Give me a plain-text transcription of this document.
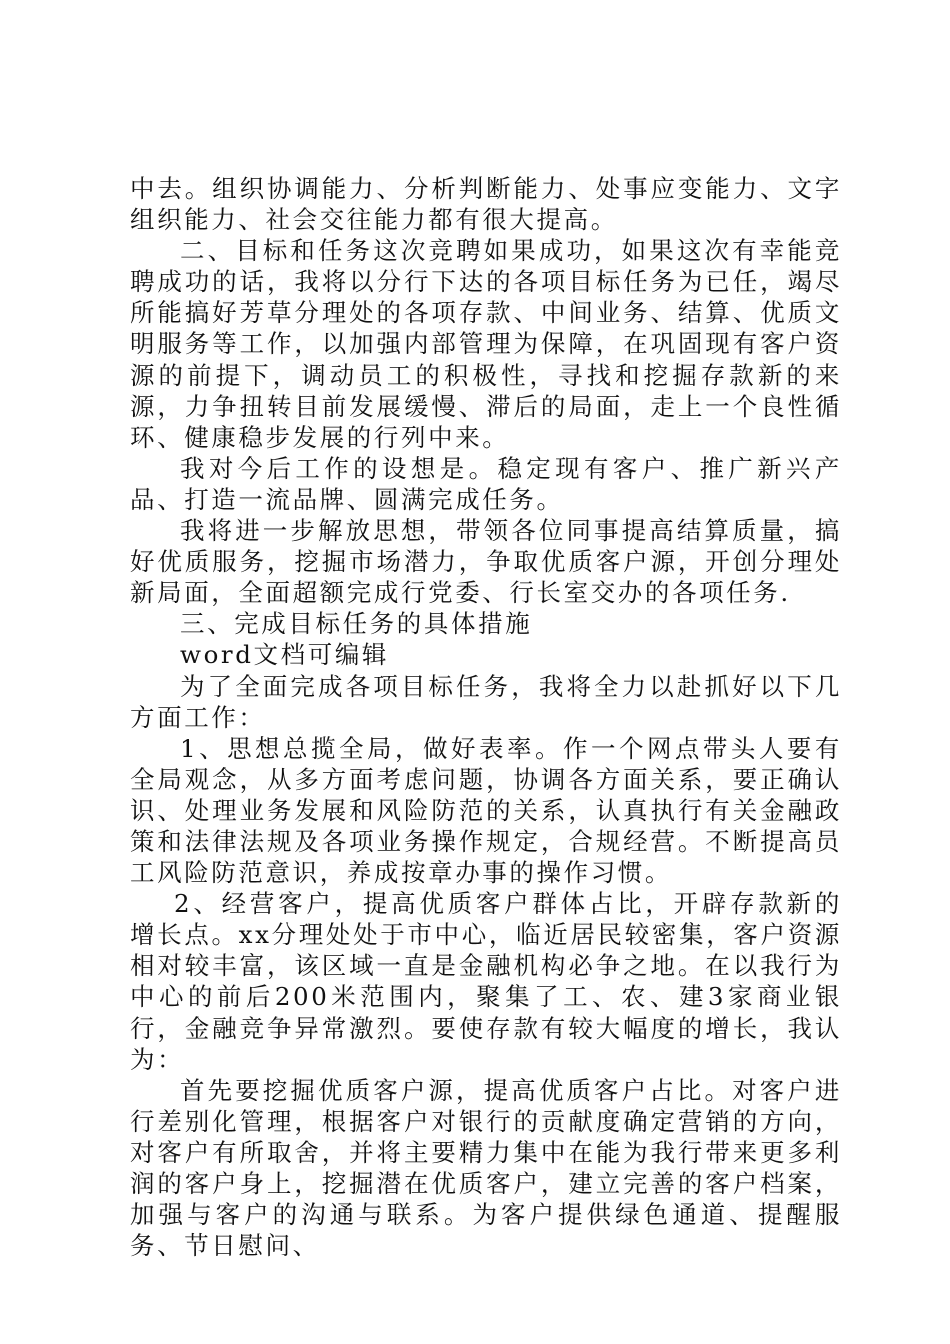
中去。组织协调能力、分析判断能力、处事应变能力、文字组织能力、社会交往能力都有很大提高。

二、目标和任务这次竞聘如果成功，如果这次有幸能竞聘成功的话，我将以分行下达的各项目标任务为已任，竭尽所能搞好芳草分理处的各项存款、中间业务、结算、优质文明服务等工作，以加强内部管理为保障，在巩固现有客户资源的前提下，调动员工的积极性，寻找和挖掘存款新的来源，力争扭转目前发展缓慢、滞后的局面，走上一个良性循环、健康稳步发展的行列中来。

我对今后工作的设想是。稳定现有客户、推广新兴产品、打造一流品牌、圆满完成任务。

我将进一步解放思想，带领各位同事提高结算质量，搞好优质服务，挖掘市场潜力，争取优质客户源，开创分理处新局面，全面超额完成行党委、行长室交办的各项任务.

三、完成目标任务的具体措施

word文档可编辑

为了全面完成各项目标任务，我将全力以赴抓好以下几方面工作：

1、思想总揽全局，做好表率。作一个网点带头人要有全局观念，从多方面考虑问题，协调各方面关系，要正确认识、处理业务发展和风险防范的关系，认真执行有关金融政策和法律法规及各项业务操作规定，合规经营。不断提高员工风险防范意识，养成按章办事的操作习惯。

2、经营客户，提高优质客户群体占比，开辟存款新的增长点。xx分理处处于市中心，临近居民较密集，客户资源相对较丰富，该区域一直是金融机构必争之地。在以我行为中心的前后200米范围内，聚集了工、农、建3家商业银行，金融竞争异常激烈。要使存款有较大幅度的增长，我认为：

首先要挖掘优质客户源，提高优质客户占比。对客户进行差别化管理，根据客户对银行的贡献度确定营销的方向，对客户有所取舍，并将主要精力集中在能为我行带来更多利润的客户身上，挖掘潜在优质客户，建立完善的客户档案，加强与客户的沟通与联系。为客户提供绿色通道、提醒服务、节日慰问、
